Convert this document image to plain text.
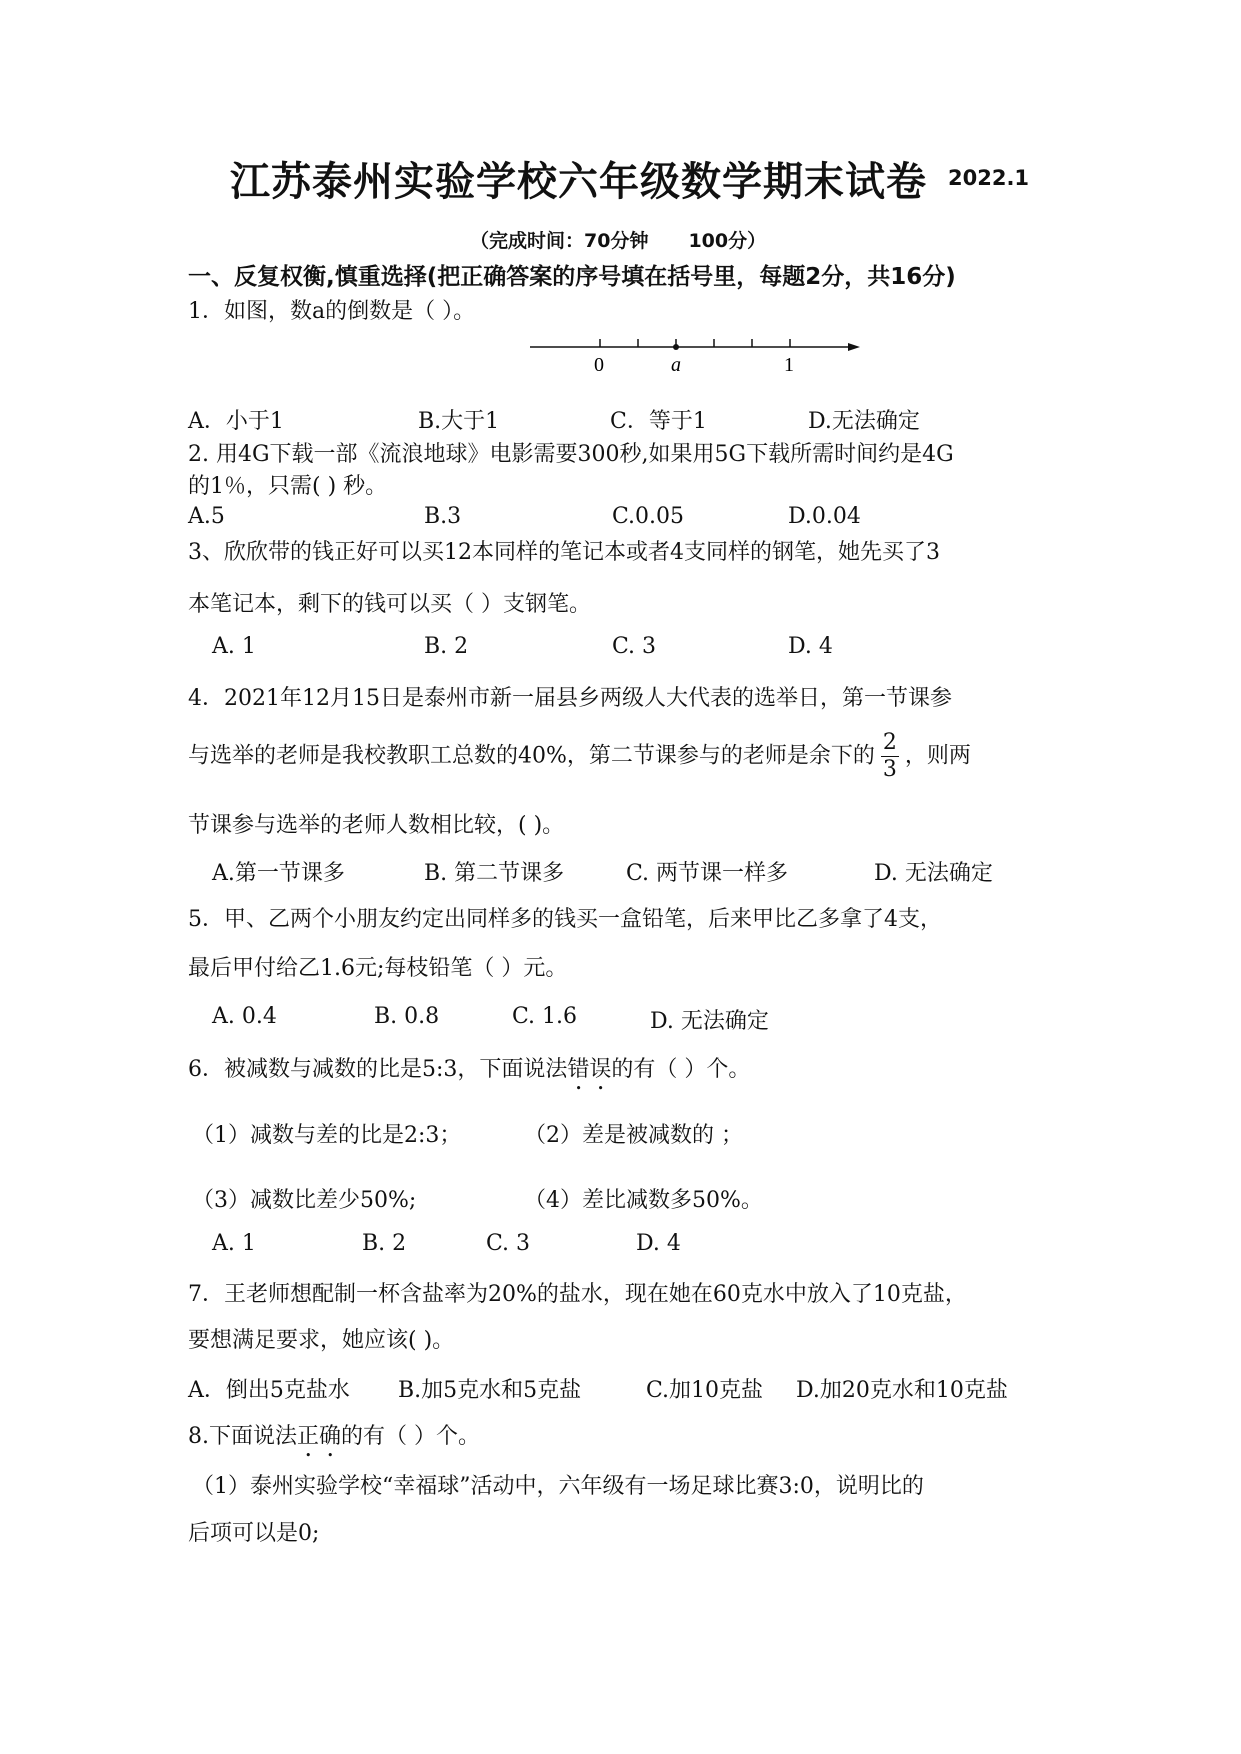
江苏泰州实验学校六年级数学期末试卷 2022.1
（完成时间：70分钟 100分）
一、反复权衡,慎重选择(把正确答案的序号填在括号里，每题2分，共16分)
1．如图，数a的倒数是（ ）。
0	a	1
A．小于1	B.大于1	C．等于1	D.无法确定
2. 用4G下载一部《流浪地球》电影需要300秒,如果用5G下载所需时间约是4G
的1％，只需( ) 秒。
A.5	B.3	C.0.05	D.0.04
3、欣欣带的钱正好可以买12本同样的笔记本或者4支同样的钢笔，她先买了3
本笔记本，剩下的钱可以买（ ）支钢笔。
A. 1	B. 2	C. 3	D. 4
4．2021年12月15日是泰州市新一届县乡两级人大代表的选举日，第一节课参
与选举的老师是我校教职工总数的40%，第二节课参与的老师是余下的 $\frac{2}{3}$ ，则两
节课参与选举的老师人数相比较，( )。
A.第一节课多	B. 第二节课多	C. 两节课一样多	D. 无法确定
5．甲、乙两个小朋友约定出同样多的钱买一盒铅笔，后来甲比乙多拿了4支，
最后甲付给乙1.6元;每枝铅笔（ ）元。
A. 0.4	B. 0.8	C. 1.6	D. 无法确定
6．被减数与减数的比是5:3，下面说法错误的有（ ）个。
（1）减数与差的比是2:3；	（2）差是被减数的 ；
（3）减数比差少50%;	（4）差比减数多50%。
A. 1	B. 2	C. 3	D. 4
7．王老师想配制一杯含盐率为20%的盐水，现在她在60克水中放入了10克盐，
要想满足要求，她应该( )。
A．倒出5克盐水 B.加5克水和5克盐	C.加10克盐 D.加20克水和10克盐
8.下面说法正确的有（ ）个。
（1）泰州实验学校“幸福球”活动中，六年级有一场足球比赛3:0，说明比的
后项可以是0;
